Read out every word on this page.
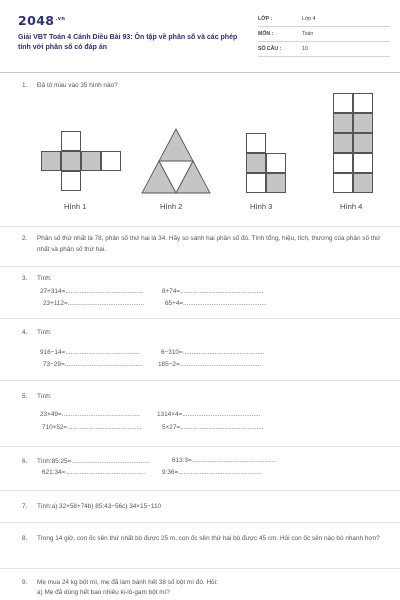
$2048^{.vn}$
Giải VBT Toán 4 Cánh Diều Bài 93: Ôn tập về phân số và các phép tính với phân số có đáp án
LỚP :	Lớp 4
MÔN :	Toán
SỐ CÂU :	10
1. Đã tô màu vào 35 hình nào?
Hình 1	Hình 2	Hình 3	Hình 4
2. Phân số thứ nhất là 78, phân số thứ hai là 34. Hãy so sánh hai phân số đó. Tính tổng, hiệu, tích, thương của phân số thứ nhất và phân số thứ hai.
3. Tính:
27+314=............................................	8+74=...............................................
23+112=...........................................	65+4=...............................................
4. Tính:
916−14=..........................................	6−310=..............................................
73−29=............................................ 185−2=..............................................
5. Tính:
23×49=............................................	1314×4=............................................
710×52=..........................................	5×27=...............................................
6. Tính:85:25=............................................	613:3=...............................................
621:34=.............................................	9:36=...............................................
7. Tính:a) 32×58+74b) 85:43−56c) 34×15−110
8. Trong 14 giờ, con ốc sên thứ nhất bò được 25 m, con ốc sên thứ hai bò được 45 cm. Hỏi con ốc sên nào bò nhanh hơn?
9. Mẹ mua 24 kg bột mì, mẹ đã làm bánh hết 38 số bột mì đó. Hỏi:
a) Mẹ đã dùng hết bao nhiêu ki-lô-gam bột mì?
